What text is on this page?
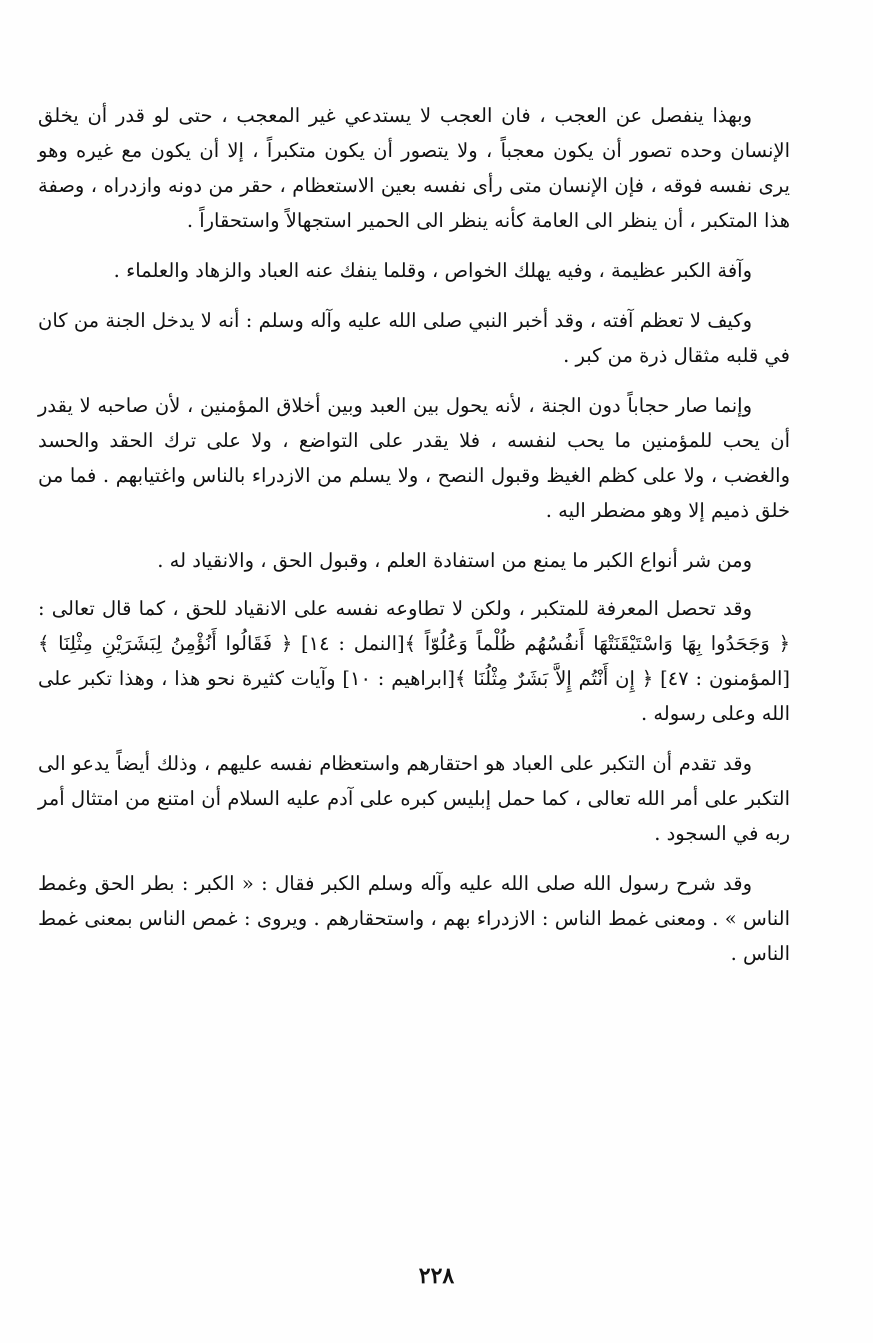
وبهذا ينفصل عن العجب ، فان العجب لا يستدعي غير المعجب ، حتى لو قدر أن يخلق الإنسان وحده تصور أن يكون معجباً ، ولا يتصور أن يكون متكبراً ، إلا أن يكون مع غيره وهو يرى نفسه فوقه ، فإن الإنسان متى رأى نفسه بعين الاستعظام ، حقر من دونه وازدراه ، وصفة هذا المتكبر ، أن ينظر الى العامة كأنه ينظر الى الحمير استجهالاً واستحقاراً .

وآفة الكبر عظيمة ، وفيه يهلك الخواص ، وقلما ينفك عنه العباد والزهاد والعلماء .

وكيف لا تعظم آفته ، وقد أخبر النبي صلى الله عليه وآله وسلم : أنه لا يدخل الجنة من كان في قلبه مثقال ذرة من كبر .

وإنما صار حجاباً دون الجنة ، لأنه يحول بين العبد وبين أخلاق المؤمنين ، لأن صاحبه لا يقدر أن يحب للمؤمنين ما يحب لنفسه ، فلا يقدر على التواضع ، ولا على ترك الحقد والحسد والغضب ، ولا على كظم الغيظ وقبول النصح ، ولا يسلم من الازدراء بالناس واغتيابهم . فما من خلق ذميم إلا وهو مضطر اليه .

ومن شر أنواع الكبر ما يمنع من استفادة العلم ، وقبول الحق ، والانقياد له .

وقد تحصل المعرفة للمتكبر ، ولكن لا تطاوعه نفسه على الانقياد للحق ، كما قال تعالى : ﴿ وَجَحَدُوا بِهَا وَاسْتَيْقَنَتْهَا أَنفُسُهُم ظُلْماً وَعُلُوّاً ﴾[النمل : ١٤] ﴿ فَقَالُوا أَنُؤْمِنُ لِبَشَرَيْنِ مِثْلِنَا ﴾[المؤمنون : ٤٧] ﴿ إِن أَنْتُم إِلاَّ بَشَرٌ مِثْلُنَا ﴾[ابراهيم : ١٠] وآيات كثيرة نحو هذا ، وهذا تكبر على الله وعلى رسوله .

وقد تقدم أن التكبر على العباد هو احتقارهم واستعظام نفسه عليهم ، وذلك أيضاً يدعو الى التكبر على أمر الله تعالى ، كما حمل إبليس كبره على آدم عليه السلام أن امتنع من امتثال أمر ربه في السجود .

وقد شرح رسول الله صلى الله عليه وآله وسلم الكبر فقال : « الكبر : بطر الحق وغمط الناس » . ومعنى غمط الناس : الازدراء بهم ، واستحقارهم . ويروى : غمص الناس بمعنى غمط الناس .

٢٢٨
